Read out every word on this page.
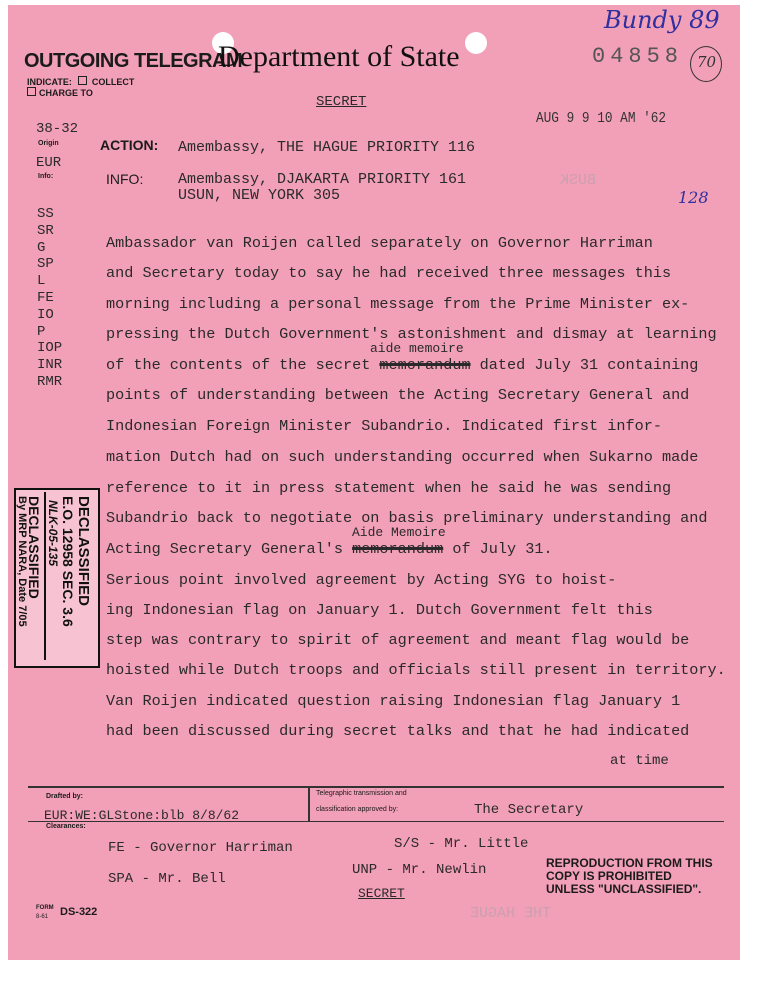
BUSK
THE HAGUE
OUTGOING TELEGRAM
Department of State
INDICATE: COLLECT
CHARGE TO
SECRET
04858
Bundy 89
70
AUG 9 9 10 AM '62
128
38-32
Origin
EUR
Info:
SS
SR
G
SP
L
FE
IO
P
IOP
INR
RMR
ACTION: Amembassy, THE HAGUE PRIORITY 116
INFO: Amembassy, DJAKARTA PRIORITY 161
USUN, NEW YORK 305
Ambassador van Roijen called separately on Governor Harriman
and Secretary today to say he had received three messages this
morning including a personal message from the Prime Minister ex-
pressing the Dutch Government's astonishment and dismay at learning
of the contents of the secret memorandum dated July 31 containing
aide memoire
points of understanding between the Acting Secretary General and
Indonesian Foreign Minister Subandrio. Indicated first infor-
mation Dutch had on such understanding occurred when Sukarno made
reference to it in press statement when he said he was sending
Subandrio back to negotiate on basis preliminary understanding and
Acting Secretary General's memorandum of July 31.
Aide Memoire
Serious point involved agreement by Acting SYG to hoist-
ing Indonesian flag on January 1. Dutch Government felt this
step was contrary to spirit of agreement and meant flag would be
hoisted while Dutch troops and officials still present in territory.
Van Roijen indicated question raising Indonesian flag January 1
had been discussed during secret talks and that he had indicated
at time
DECLASSIFIED
By MRP NARA, Date 7/05	DECLASSIFIED
E.O. 12958 SEC. 3.6
NLK-05-135
Drafted by:
EUR:WE:GLStone:blb 8/8/62
Clearances:
Telegraphic transmission and
classification approved by:	The Secretary
FE - Governor Harriman
SPA - Mr. Bell
S/S - Mr. Little
UNP - Mr. Newlin
SECRET
REPRODUCTION FROM THIS
COPY IS PROHIBITED
UNLESS "UNCLASSIFIED".
FORM
8-61 DS-322
